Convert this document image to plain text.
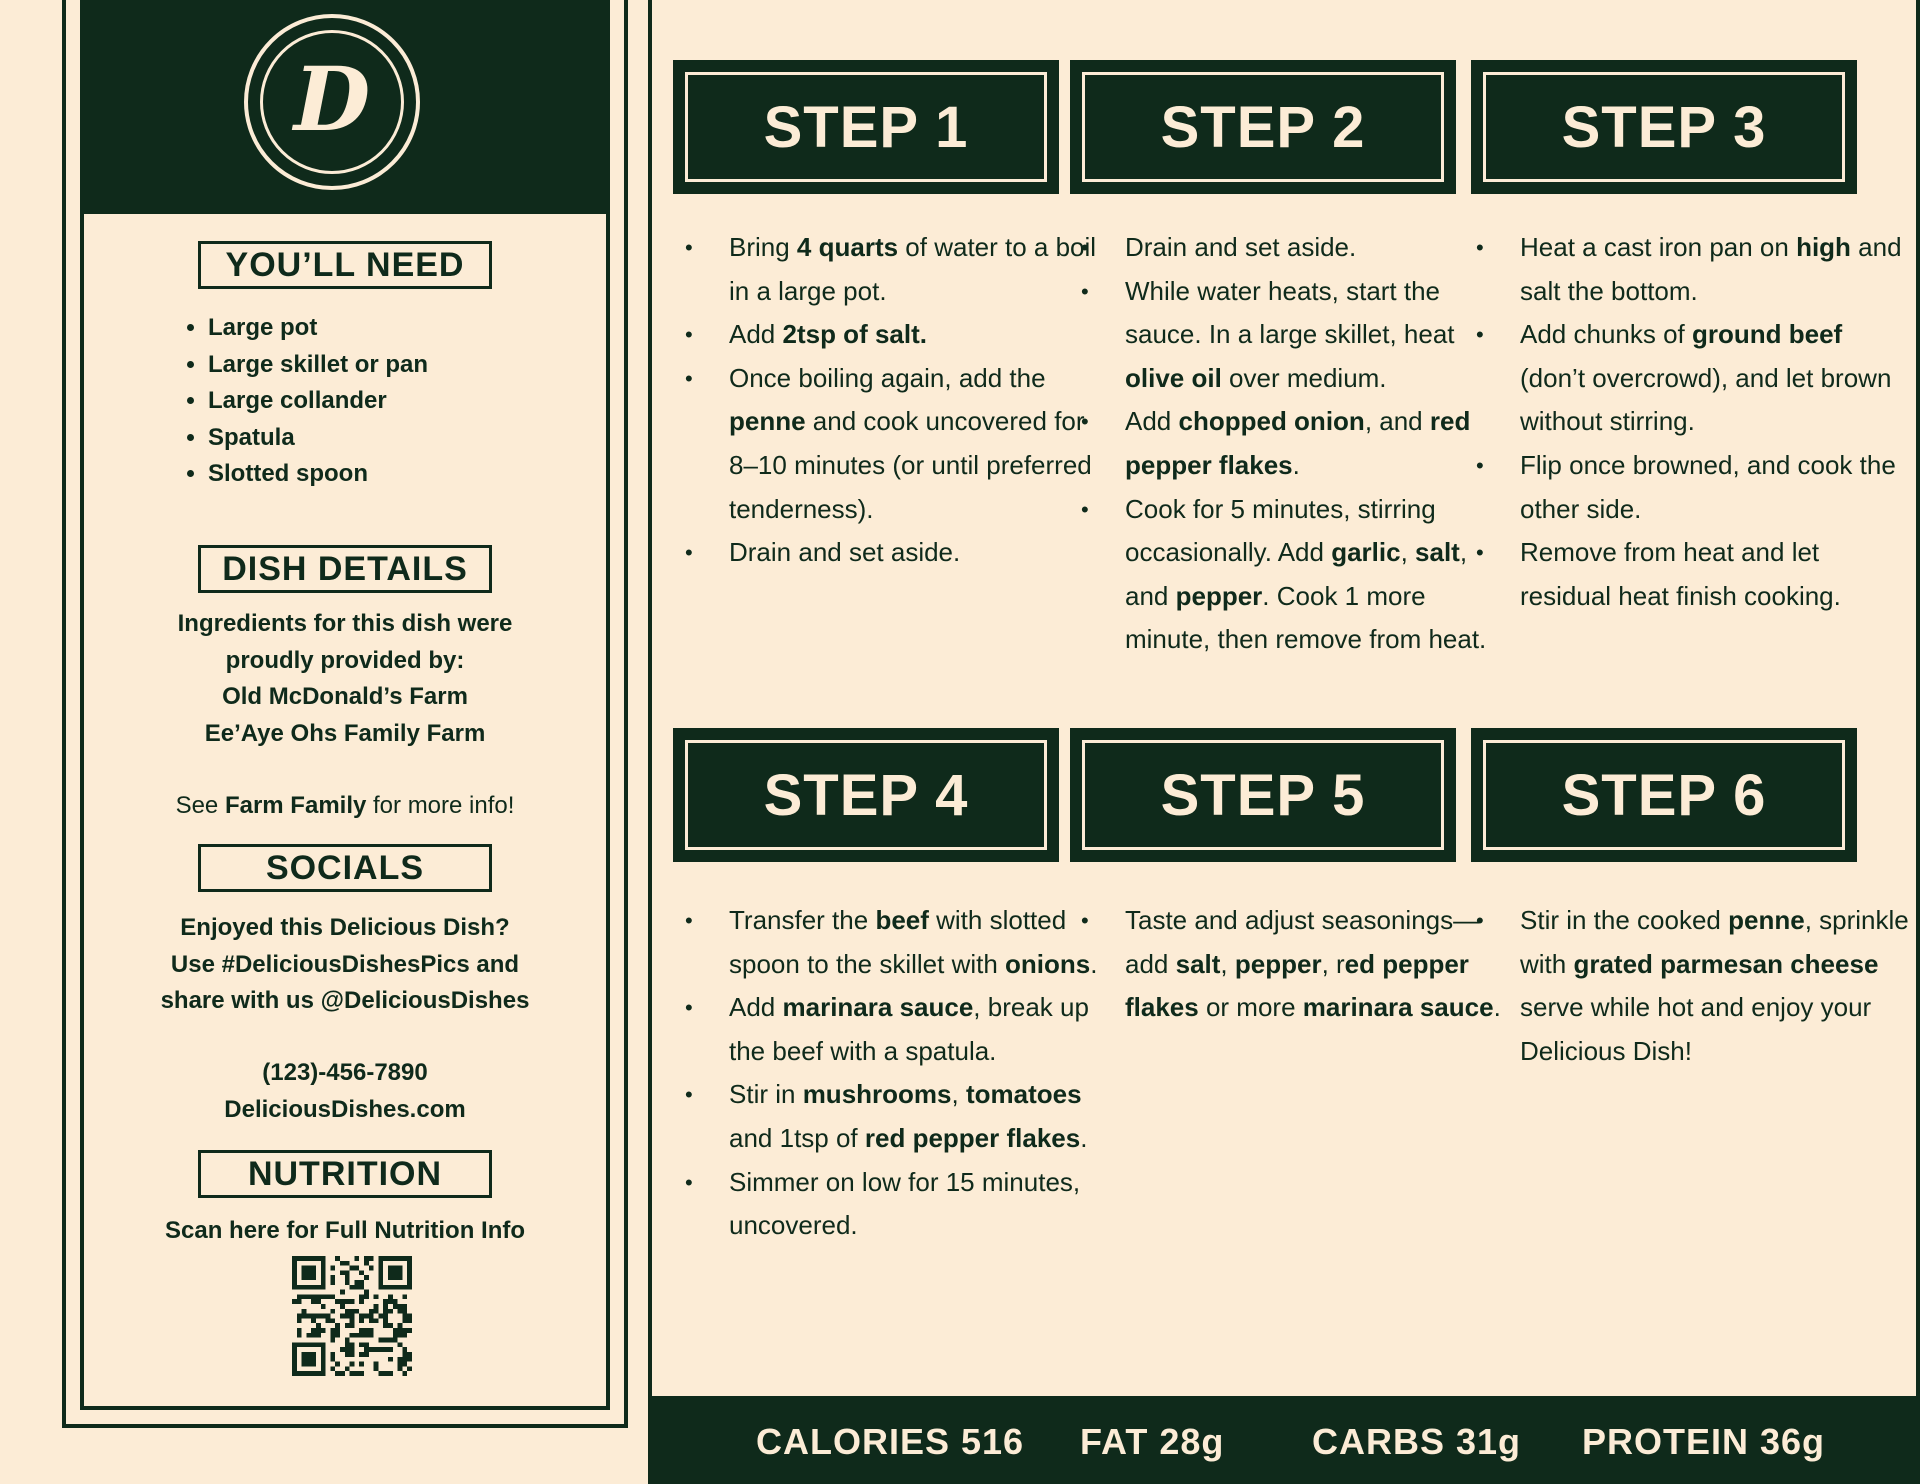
D
YOU’LL NEED
• Large pot
• Large skillet or pan
• Large collander
• Spatula
• Slotted spoon
DISH DETAILS

Ingredients for this dish were

proudly provided by:

Old McDonald’s Farm

Ee’Aye Ohs Family Farm

See Farm Family for more info!

SOCIALS

Enjoyed this Delicious Dish?

Use #DeliciousDishesPics and

share with us @DeliciousDishes

(123)-456-7890

DeliciousDishes.com

NUTRITION
Scan here for Full Nutrition Info
STEP 1
• Bring 4 quarts of water to a boil in a large pot.
• Add 2tsp of salt.
• Once boiling again, add the penne and cook uncovered for 8–10 minutes (or until preferred tenderness).
• Drain and set aside.
STEP 2
• Drain and set aside.
• While water heats, start the sauce. In a large skillet, heat olive oil over medium.
• Add chopped onion, and red pepper flakes.
• Cook for 5 minutes, stirring occasionally. Add garlic, salt, and pepper. Cook 1 more minute, then remove from heat.
STEP 3
• Heat a cast iron pan on high and salt the bottom.
• Add chunks of ground beef (don’t overcrowd), and let brown without stirring.
• Flip once browned, and cook the other side.
• Remove from heat and let residual heat finish cooking.
STEP 4
• Transfer the beef with slotted spoon to the skillet with onions.
• Add marinara sauce, break up the beef with a spatula.
• Stir in mushrooms, tomatoes and 1tsp of red pepper flakes.
• Simmer on low for 15 minutes, uncovered.
STEP 5
• Taste and adjust seasonings—add salt, pepper, red pepper flakes or more marinara sauce.
STEP 6
• Stir in the cooked penne, sprinkle with grated parmesan cheese serve while hot and enjoy your Delicious Dish!
CALORIES 516 FAT 28g CARBS 31g PROTEIN 36g
